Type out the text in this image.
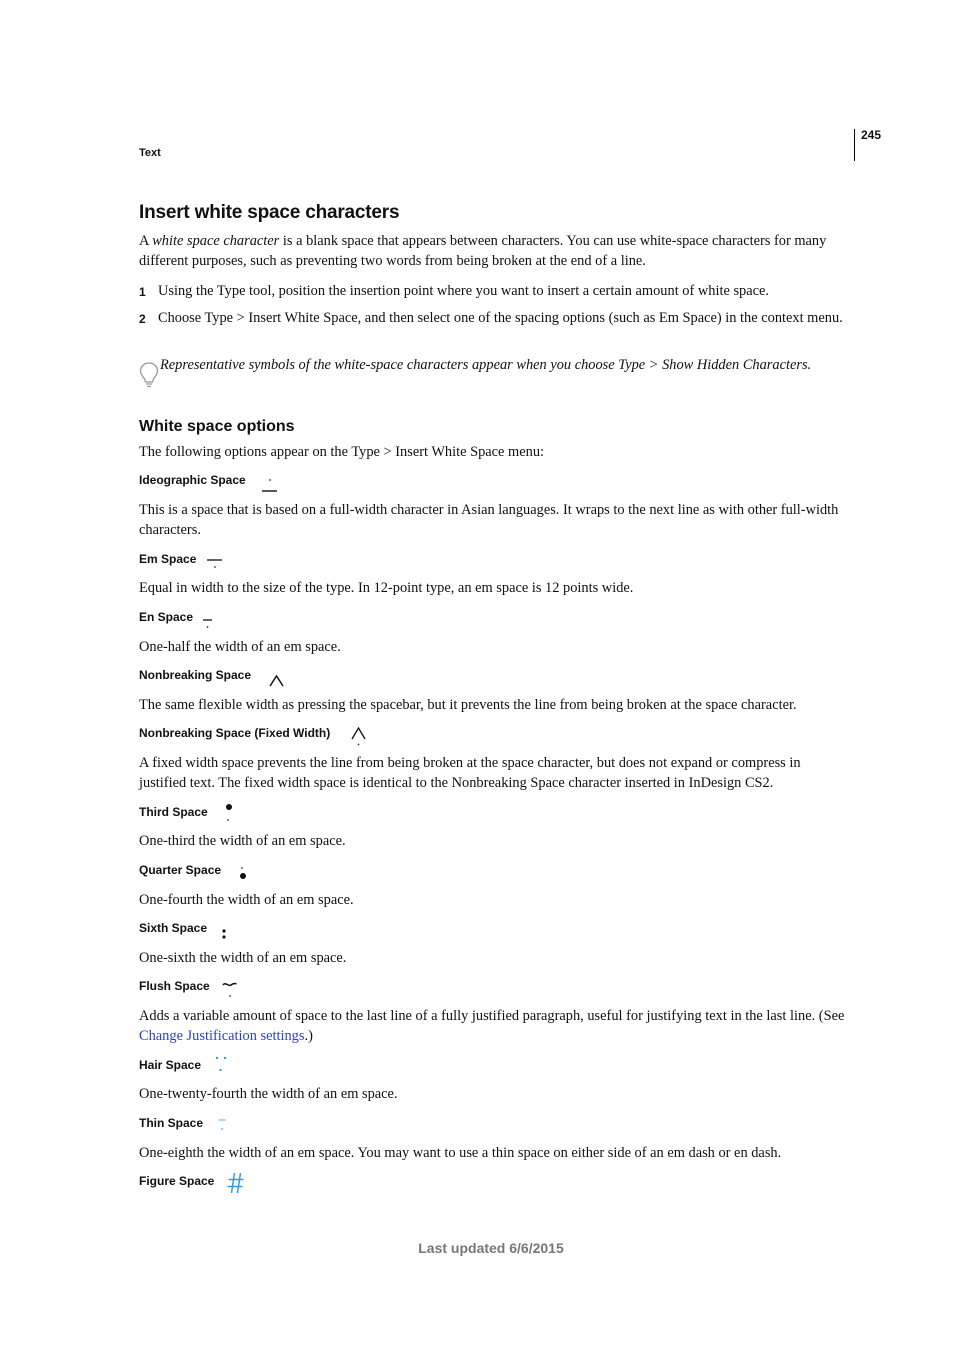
245
Text
Insert white space characters
A white space character is a blank space that appears between characters. You can use white-space characters for many different purposes, such as preventing two words from being broken at the end of a line.
1 Using the Type tool, position the insertion point where you want to insert a certain amount of white space.
2 Choose Type > Insert White Space, and then select one of the spacing options (such as Em Space) in the context menu.
Representative symbols of the white-space characters appear when you choose Type > Show Hidden Characters.
White space options
The following options appear on the Type > Insert White Space menu:
Ideographic Space
This is a space that is based on a full-width character in Asian languages. It wraps to the next line as with other full-width characters.
Em Space
Equal in width to the size of the type. In 12-point type, an em space is 12 points wide.
En Space
One-half the width of an em space.
Nonbreaking Space
The same flexible width as pressing the spacebar, but it prevents the line from being broken at the space character.
Nonbreaking Space (Fixed Width)
A fixed width space prevents the line from being broken at the space character, but does not expand or compress in justified text. The fixed width space is identical to the Nonbreaking Space character inserted in InDesign CS2.
Third Space
One-third the width of an em space.
Quarter Space
One-fourth the width of an em space.
Sixth Space
One-sixth the width of an em space.
Flush Space
Adds a variable amount of space to the last line of a fully justified paragraph, useful for justifying text in the last line. (See Change Justification settings.)
Hair Space
One-twenty-fourth the width of an em space.
Thin Space
One-eighth the width of an em space. You may want to use a thin space on either side of an em dash or en dash.
Figure Space
Last updated 6/6/2015
